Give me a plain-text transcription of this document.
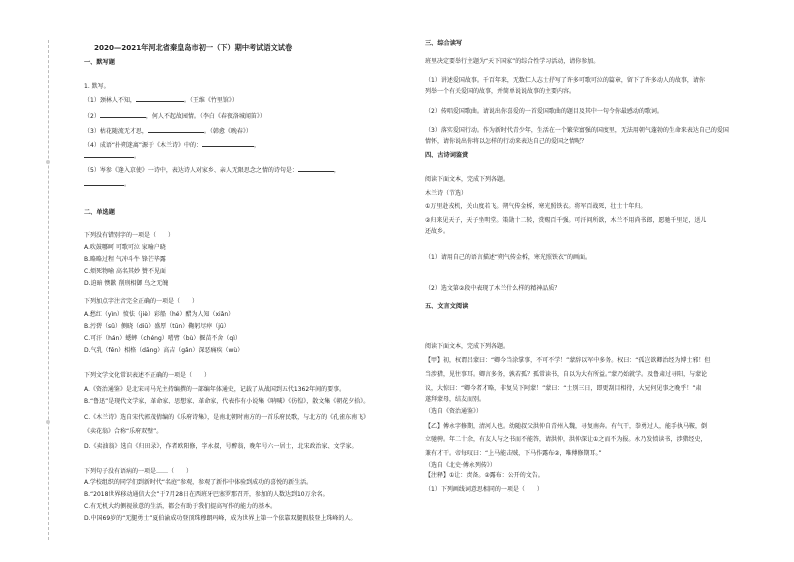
2020—2021年河北省秦皇岛市初一（下）期中考试语文试卷
一、默写题
1. 默写。
（1）颈林人不知，	。（王维《竹里馆》）
（2）	，何人不起故园情。（李白《春夜洛城闻笛》）
（3）枯花随流无才思，	。（韩愈《晚春》）
（4）成语“扑朔迷离”源于《木兰诗》中的：	，
。
（5）岑参《逢入京使》一诗中，表达诗人对家乡、亲人无限思念之情的诗句是：	，
。
二、单选题
下列没有错别字的一项是（　　）
A.吹鼓哪呵 可歌可泣 家喻户晓
B.略略过程 气冲斗牛 锋芒毕露
C.烦死物喻 高名其妙 赞不见面
D.迫暗 懊歉 削刑相御 鸟之无魄
下列加点字注音完全正确的一项是（　　）
A.愁红（yìn）愤怯（jiè）彩船（hé）醋为人知（xiǎn）
B.污碧（sǔ）侧晓（diū）盛厚（tūn）鞠躬尽瘁（jū）
C.可汗（hán）蟋蟀（chéng）嗜臂（bù）揠苗不舍（qì）
D.气乳（fěn）相格（dāng）高吉（gǎn）深恶痛疾（wù）
下列文学文化常识表述不正确的一项是（　　）
A.《资治通鉴》是北宋司马光主持编撰的一部编年体通史，记载了从战国到五代1362年间的要事。
B.“鲁迅”是现代文学家，革命家、思想家、革命家，代表作有小说集《呐喊》《彷徨》，散文集《朝花夕拾》。
C.《木兰诗》选自宋代郭茂倩编的《乐府诗集》，是南北朝时南方的一首乐府民歌，与北方的《孔雀东南飞》
《卖花翁》合称“乐府双璧”。
D.《卖油翁》选自《归田录》，作者欧阳修，字永叔，号醉翁，晚年号六一居士，北宋政治家、文学家。
下列句子没有语病的一项是……（　　）
A.学校组织的同学们到新时代“名庭”参观，参观了新作中体验到成功的喜悦的新生活。
B.“2018世界移动通信大会”于7月28日在西班牙巴塞罗那召开，参加的人数达到10万余名。
C.有无机大约侧视景意的生活，都会有助于我们提高写作的能力的基本。
D.中国69岁的“无腿勇士”夏伯渝成功登顶珠穆朗玛峰，成为世界上第一个依靠双腿假肢登上珠峰的人。
三、综合读写
班里决定要举行主题为“天下国家”的综合性学习活动，请你参加。
（1）讲述爱国故事。千百年来，无数仁人志士抒写了许多可歌可泣的篇章，留下了许多动人的故事，请你
列举一个有关爱国的故事，并简单说说故事的主要内容。
（2）传唱爱国歌曲。请说出你喜爱的一首爱国歌曲的题目及其中一句令你最感动的歌词。
（3）落实爱国行动。作为新时代青少年，生活在一个繁荣富强的国度里，无法用朝气蓬勃的生命来表达自己的爱国
情怀，请你说出你将以怎样的行动来表达自己的爱国之情呢？
四、古诗词鉴赏
阅读下面文本，完成下列各题。
木兰诗（节选）
①万里赴戎机，关山度若飞。朔气传金柝，寒光照铁衣。将军百战死，壮士十年归。
②归来见天子，天子坐明堂。策勋十二转，赏赐百千强。可汗问所欲，木兰不用尚书郎，愿驰千里足，送儿
还故乡。
（1）请用自己的语言描述“朔气传金柝，寒光照铁衣”的画面。
（2）选文第②段中表现了木兰什么样的精神品质？
五、文言文阅读
阅读下面文本，完成下列各题。
【甲】初，权谓吕蒙曰：“卿今当涂掌事，不可不学！”蒙辞以军中多务。权曰：“孤岂欲卿治经为博士邪！但
当涉猎，见往事耳。卿言多务，孰若孤？孤常读书，自以为大有所益。”蒙乃始就学。及鲁肃过寻阳，与蒙论
议，大惊曰：“卿今者才略，非复吴下阿蒙！”蒙曰：“士别三日，即更刮目相待，大兄何见事之晚乎！”肃
遂拜蒙母，结友而别。
（选自《资治通鉴》）
【乙】傅永字修期，清河人也。幼随叔父洪仲自青州入魏，寻复南奔。有气干，拳勇过人，能手执马鞍，倒
立驰骋。年二十余，有友人与之书而不能答，请洪仲，洪仲深让①之而不为报。永乃发愤读书，涉猎经史，
兼有才干。帝每叹曰：“上马能击贼，下马作露布②，唯傅修期耳。”
（选自《北史·傅永列传》）
【注释】①让：责备。②露布：公开的文告。
（1）下列画线词意思相同的一项是（　　）
